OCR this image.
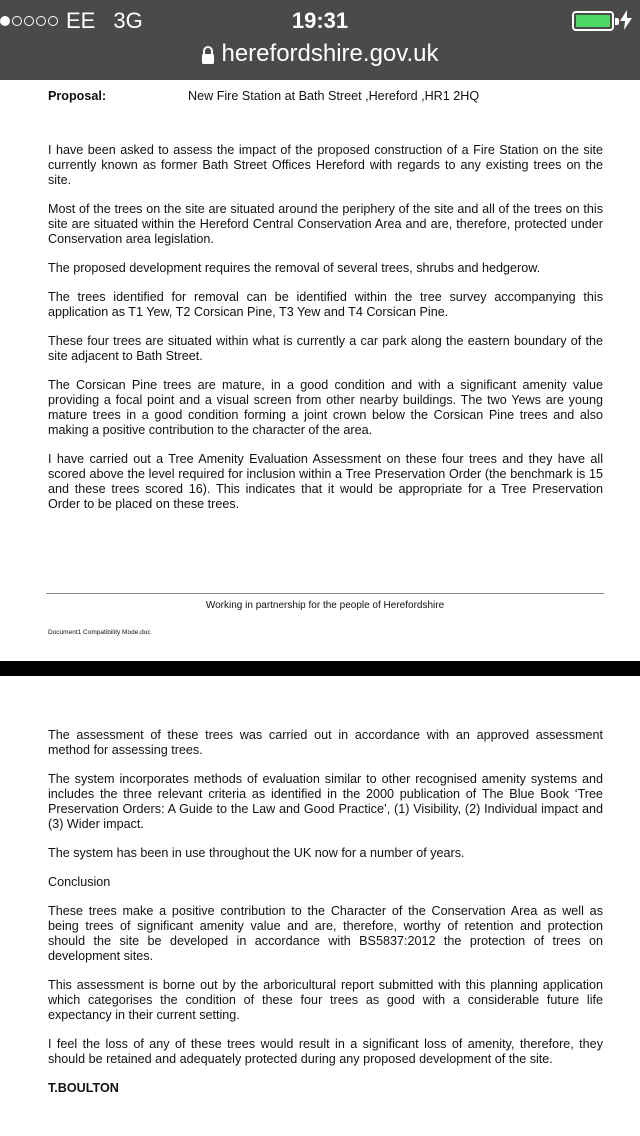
EE 3G	19:31
herefordshire.gov.uk
Proposal:	New Fire Station at Bath Street ,Hereford ,HR1 2HQ

I have been asked to assess the impact of the proposed construction of a Fire Station on the site currently known as former Bath Street Offices Hereford with regards to any existing trees on the site.

Most of the trees on the site are situated around the periphery of the site and all of the trees on this site are situated within the Hereford Central Conservation Area and are, therefore, protected under Conservation area legislation.

The proposed development requires the removal of several trees, shrubs and hedgerow.

The trees identified for removal can be identified within the tree survey accompanying this application as T1 Yew, T2 Corsican Pine, T3 Yew and T4 Corsican Pine.

These four trees are situated within what is currently a car park along the eastern boundary of the site adjacent to Bath Street.

The Corsican Pine trees are mature, in a good condition and with a significant amenity value providing a focal point and a visual screen from other nearby buildings. The two Yews are young mature trees in a good condition forming a joint crown below the Corsican Pine trees and also making a positive contribution to the character of the area.

I have carried out a Tree Amenity Evaluation Assessment on these four trees and they have all scored above the level required for inclusion within a Tree Preservation Order (the benchmark is 15 and these trees scored 16). This indicates that it would be appropriate for a Tree Preservation Order to be placed on these trees.

Working in partnership for the people of Herefordshire
Document1 Compatibility Mode.doc

The assessment of these trees was carried out in accordance with an approved assessment method for assessing trees.

The system incorporates methods of evaluation similar to other recognised amenity systems and includes the three relevant criteria as identified in the 2000 publication of The Blue Book ‘Tree Preservation Orders: A Guide to the Law and Good Practice’, (1) Visibility, (2) Individual impact and (3) Wider impact.

The system has been in use throughout the UK now for a number of years.

Conclusion

These trees make a positive contribution to the Character of the Conservation Area as well as being trees of significant amenity value and are, therefore, worthy of retention and protection should the site be developed in accordance with BS5837:2012 the protection of trees on development sites.

This assessment is borne out by the arboricultural report submitted with this planning application which categorises the condition of these four trees as good with a considerable future life expectancy in their current setting.

I feel the loss of any of these trees would result in a significant loss of amenity, therefore, they should be retained and adequately protected during any proposed development of the site.

T.BOULTON
